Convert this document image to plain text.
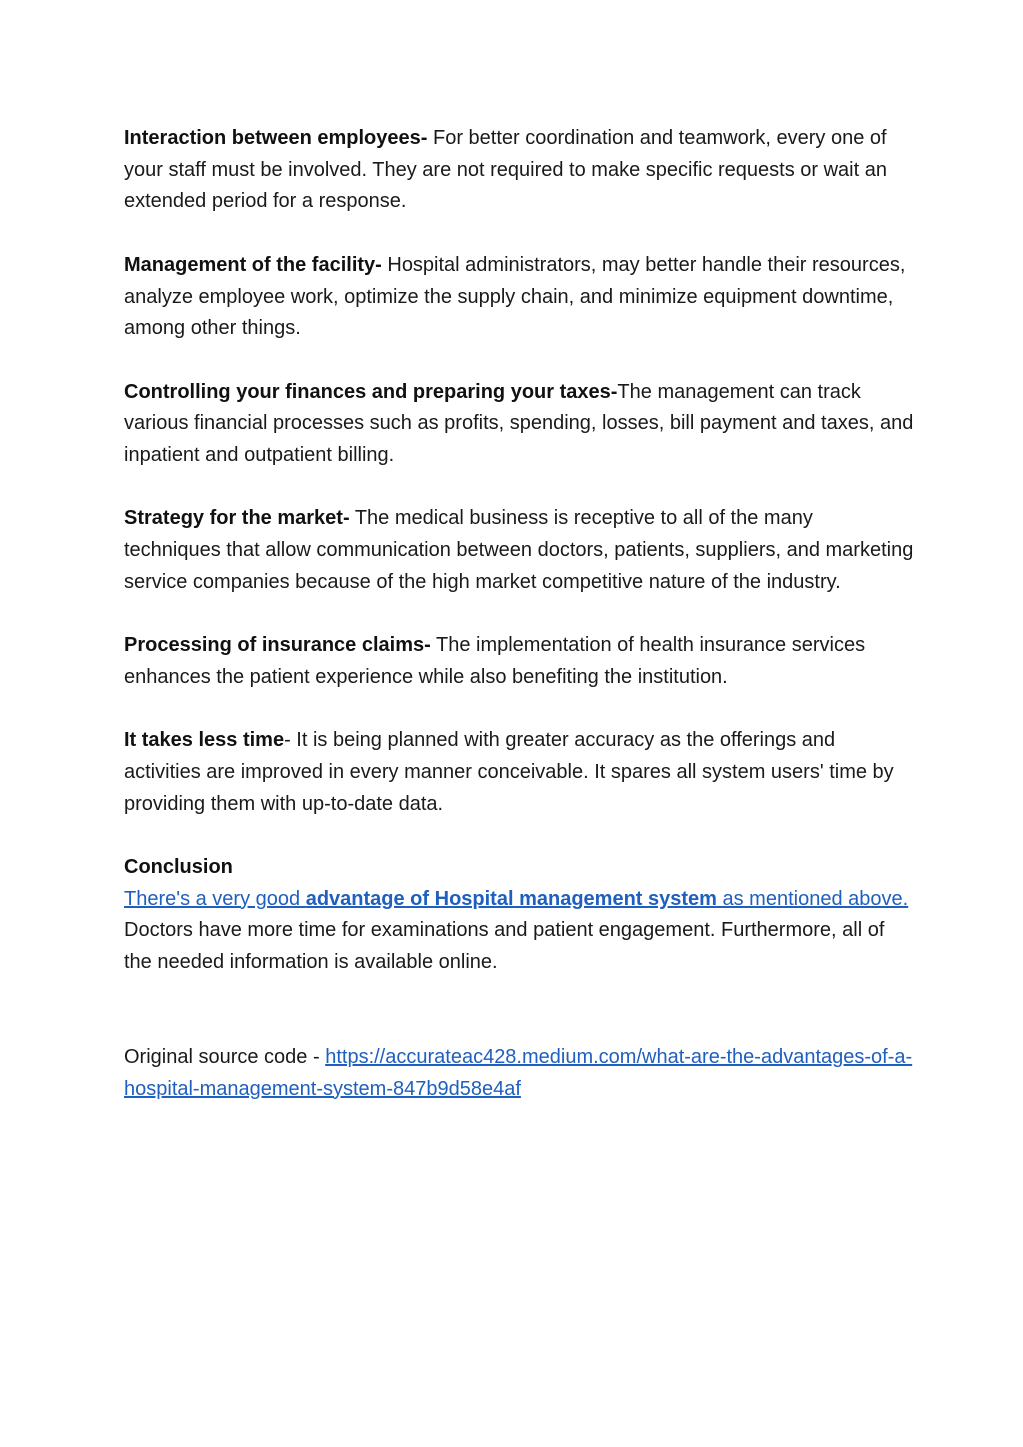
Interaction between employees- For better coordination and teamwork, every one of your staff must be involved. They are not required to make specific requests or wait an extended period for a response.

Management of the facility- Hospital administrators, may better handle their resources, analyze employee work, optimize the supply chain, and minimize equipment downtime, among other things.

Controlling your finances and preparing your taxes-The management can track various financial processes such as profits, spending, losses, bill payment and taxes, and inpatient and outpatient billing.

Strategy for the market- The medical business is receptive to all of the many techniques that allow communication between doctors, patients, suppliers, and marketing service companies because of the high market competitive nature of the industry.

Processing of insurance claims- The implementation of health insurance services enhances the patient experience while also benefiting the institution.

It takes less time- It is being planned with greater accuracy as the offerings and activities are improved in every manner conceivable. It spares all system users' time by providing them with up-to-date data.

Conclusion
There's a very good advantage of Hospital management system as mentioned above. Doctors have more time for examinations and patient engagement. Furthermore, all of the needed information is available online.

Original source code - https://accurateac428.medium.com/what-are-the-advantages-of-a-hospital-management-system-847b9d58e4af
